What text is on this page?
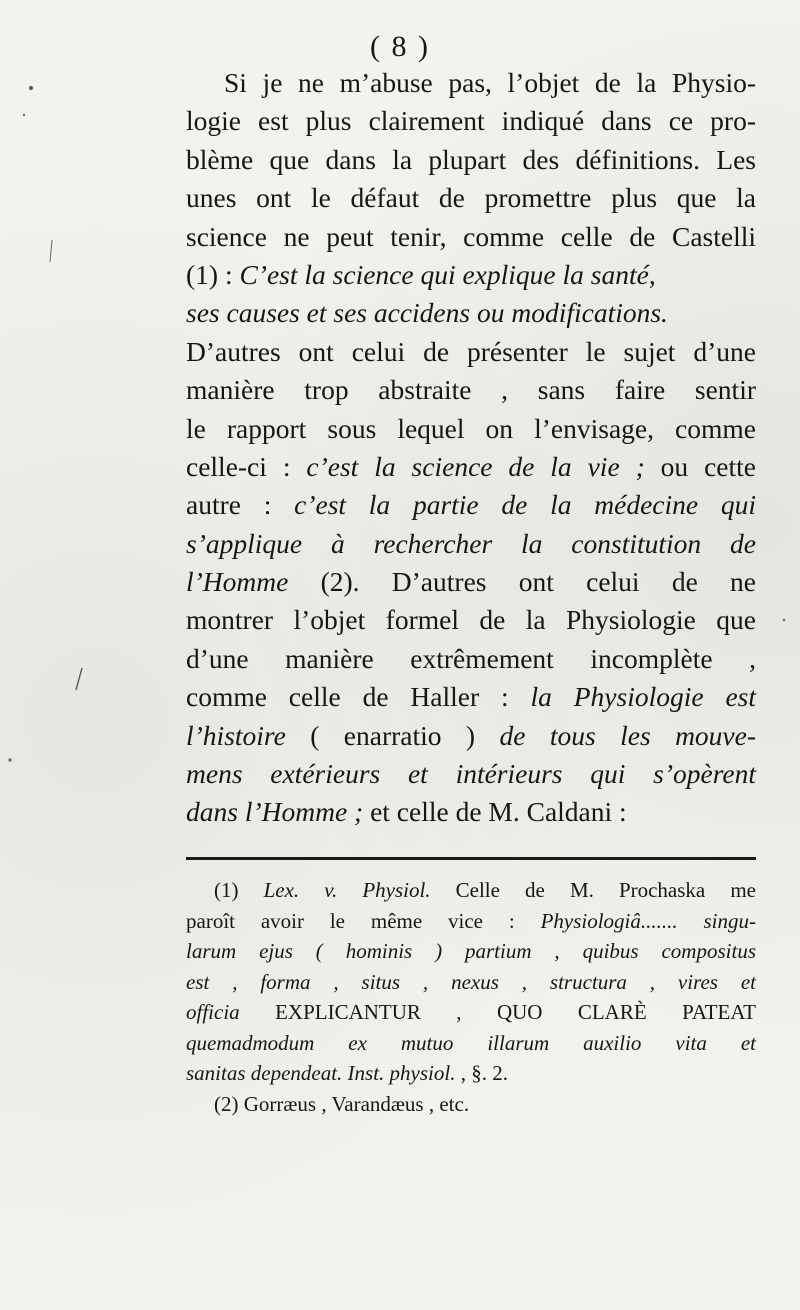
( 8 )
Si je ne m’abuse pas, l’objet de la Physio-
logie est plus clairement indiqué dans ce pro-
blème que dans la plupart des définitions. Les
unes ont le défaut de promettre plus que la
science ne peut tenir, comme celle de Castelli
(1) : C’est la science qui explique la santé,
ses causes et ses accidens ou modifications.
D’autres ont celui de présenter le sujet d’une
manière trop abstraite , sans faire sentir
le rapport sous lequel on l’envisage, comme
celle-ci : c’est la science de la vie ; ou cette
autre : c’est la partie de la médecine qui
s’applique à rechercher la constitution de
l’Homme (2). D’autres ont celui de ne
montrer l’objet formel de la Physiologie que
d’une manière extrêmement incomplète ,
comme celle de Haller : la Physiologie est
l’histoire ( enarratio ) de tous les mouve-
mens extérieurs et intérieurs qui s’opèrent
dans l’Homme ; et celle de M. Caldani :
(1) Lex. v. Physiol. Celle de M. Prochaska me
paroît avoir le même vice : Physiologiâ....... singu-
larum ejus ( hominis ) partium , quibus compositus
est , forma , situs , nexus , structura , vires et
officia EXPLICANTUR , QUO CLARÈ PATEAT
quemadmodum ex mutuo illarum auxilio vita et
sanitas dependeat. Inst. physiol. , §. 2.
(2) Gorræus , Varandæus , etc.
